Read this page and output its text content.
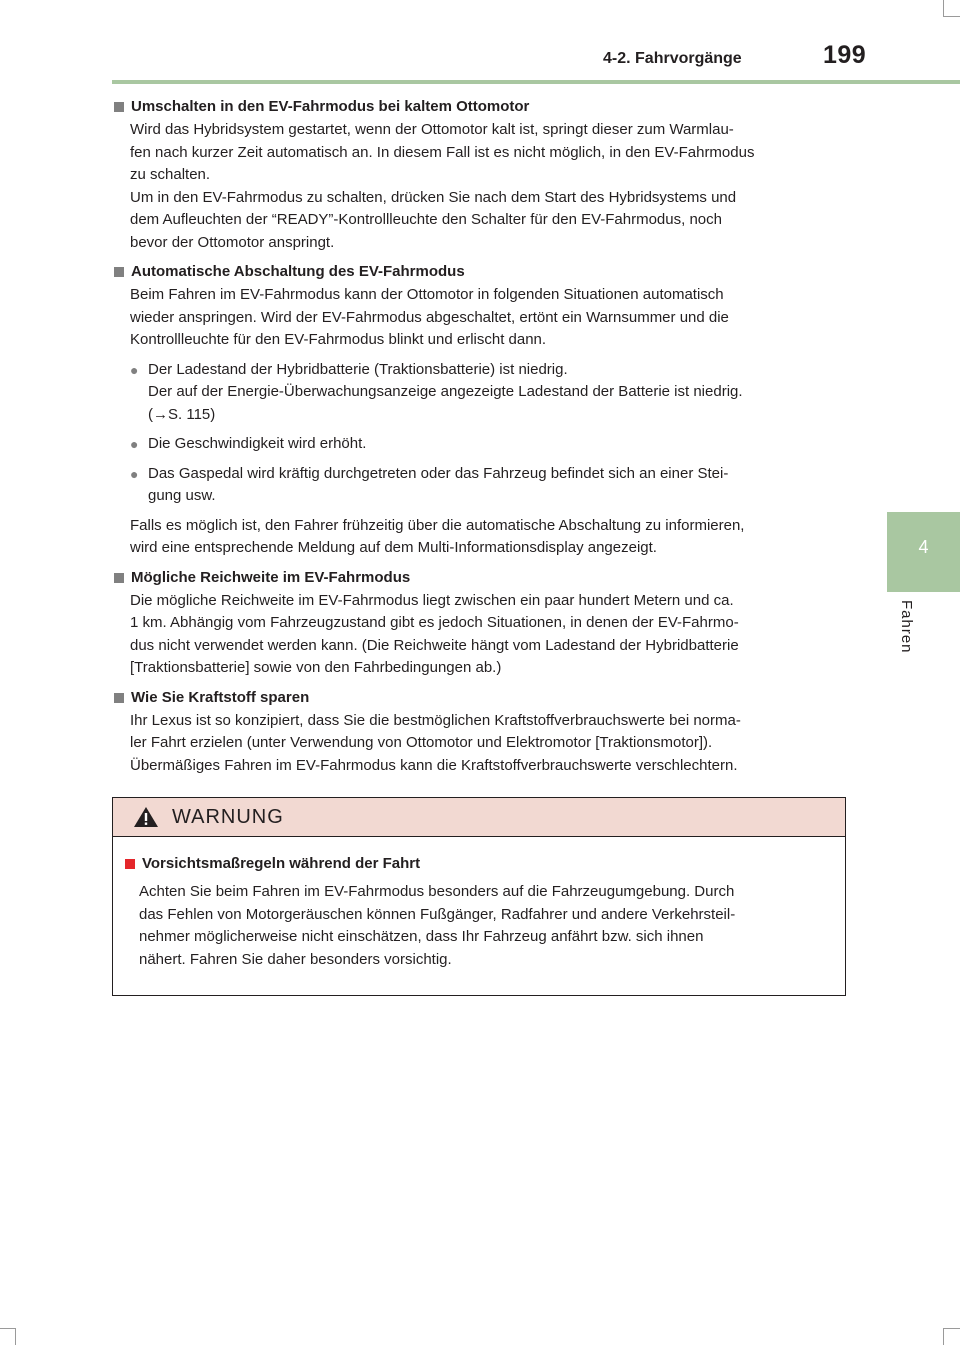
4-2. Fahrvorgänge	199
4
Fahren
Umschalten in den EV-Fahrmodus bei kaltem Ottomotor
Wird das Hybridsystem gestartet, wenn der Ottomotor kalt ist, springt dieser zum Warmlau-
fen nach kurzer Zeit automatisch an. In diesem Fall ist es nicht möglich, in den EV-Fahrmodus
zu schalten.
Um in den EV-Fahrmodus zu schalten, drücken Sie nach dem Start des Hybridsystems und
dem Aufleuchten der “READY”-Kontrollleuchte den Schalter für den EV-Fahrmodus, noch
bevor der Ottomotor anspringt.
Automatische Abschaltung des EV-Fahrmodus
Beim Fahren im EV-Fahrmodus kann der Ottomotor in folgenden Situationen automatisch
wieder anspringen. Wird der EV-Fahrmodus abgeschaltet, ertönt ein Warnsummer und die
Kontrollleuchte für den EV-Fahrmodus blinkt und erlischt dann.
● Der Ladestand der Hybridbatterie (Traktionsbatterie) ist niedrig.
Der auf der Energie-Überwachungsanzeige angezeigte Ladestand der Batterie ist niedrig.
(→S. 115)
● Die Geschwindigkeit wird erhöht.
● Das Gaspedal wird kräftig durchgetreten oder das Fahrzeug befindet sich an einer Stei-
gung usw.
Falls es möglich ist, den Fahrer frühzeitig über die automatische Abschaltung zu informieren,
wird eine entsprechende Meldung auf dem Multi-Informationsdisplay angezeigt.
Mögliche Reichweite im EV-Fahrmodus
Die mögliche Reichweite im EV-Fahrmodus liegt zwischen ein paar hundert Metern und ca.
1 km. Abhängig vom Fahrzeugzustand gibt es jedoch Situationen, in denen der EV-Fahrmo-
dus nicht verwendet werden kann. (Die Reichweite hängt vom Ladestand der Hybridbatterie
[Traktionsbatterie] sowie von den Fahrbedingungen ab.)
Wie Sie Kraftstoff sparen
Ihr Lexus ist so konzipiert, dass Sie die bestmöglichen Kraftstoffverbrauchswerte bei norma-
ler Fahrt erzielen (unter Verwendung von Ottomotor und Elektromotor [Traktionsmotor]).
Übermäßiges Fahren im EV-Fahrmodus kann die Kraftstoffverbrauchswerte verschlechtern.
WARNUNG
Vorsichtsmaßregeln während der Fahrt
Achten Sie beim Fahren im EV-Fahrmodus besonders auf die Fahrzeugumgebung. Durch
das Fehlen von Motorgeräuschen können Fußgänger, Radfahrer und andere Verkehrsteil-
nehmer möglicherweise nicht einschätzen, dass Ihr Fahrzeug anfährt bzw. sich ihnen
nähert. Fahren Sie daher besonders vorsichtig.
